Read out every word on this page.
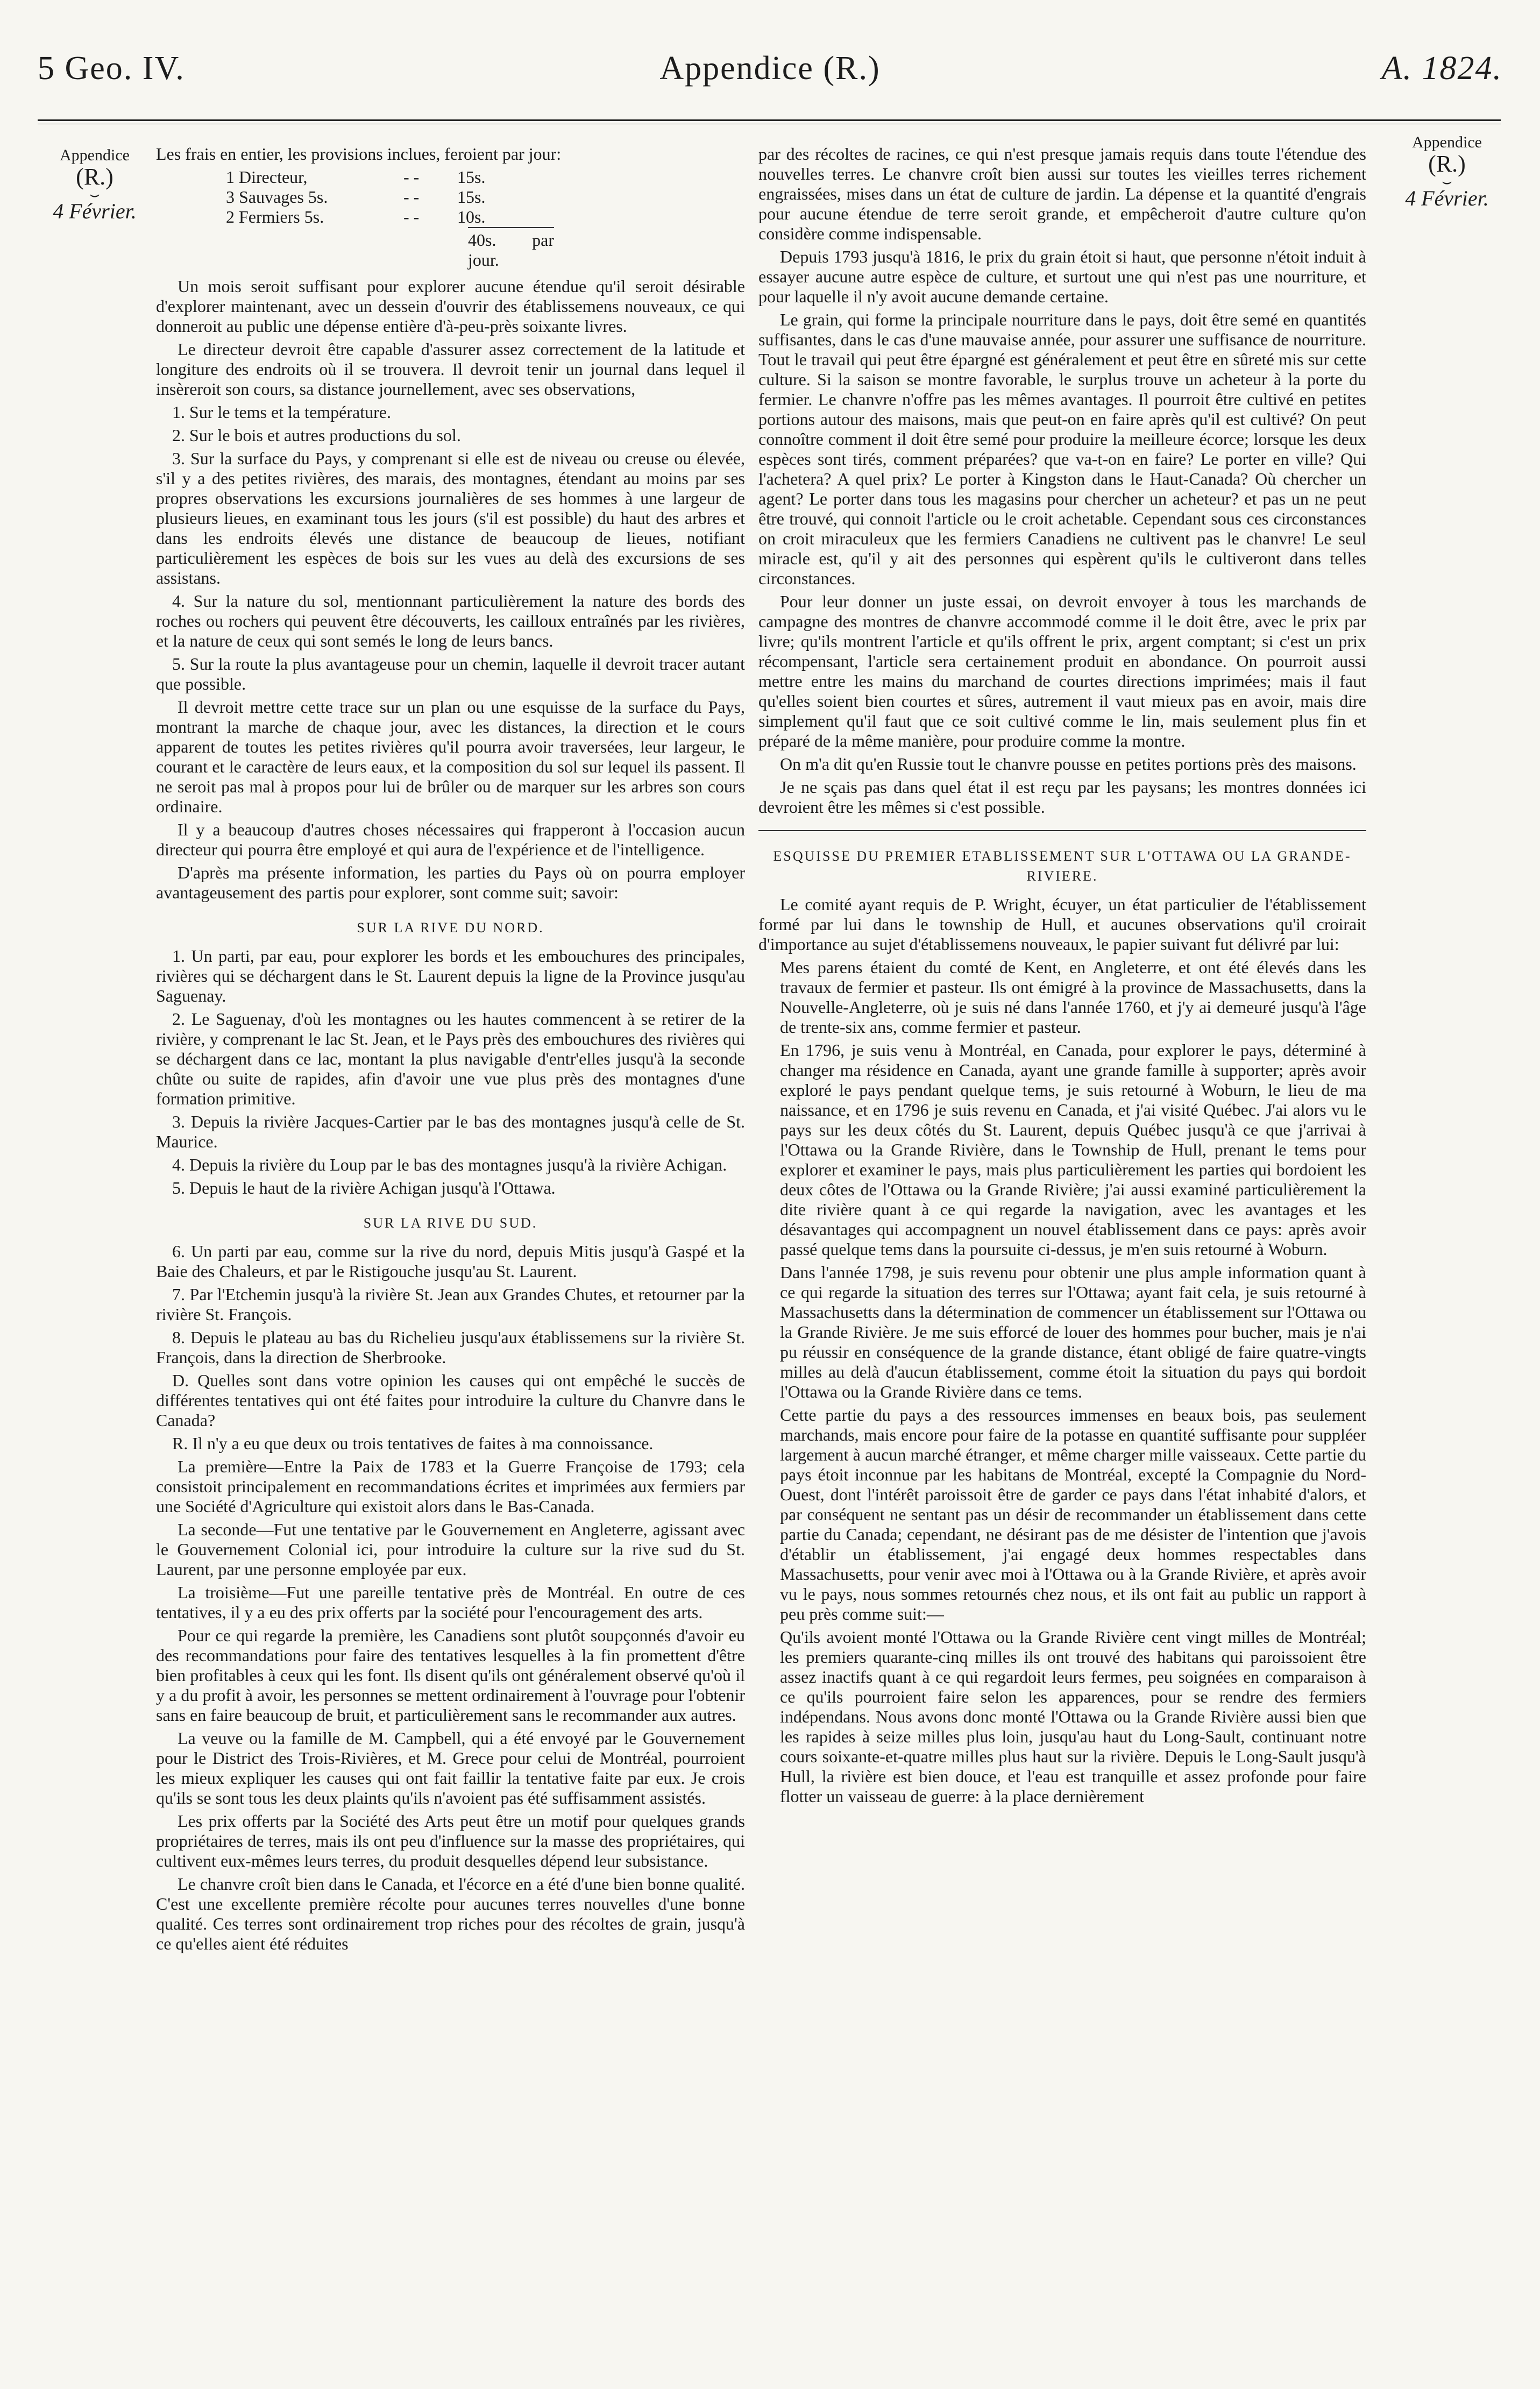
5 Geo. IV.	Appendice (R.)	A. 1824.
Appendice
(R.)
⌣
4 Février.
Appendice
(R.)
⌣
4 Février.

Les frais en entier, les provisions inclues, feroient par jour:

1 Directeur,	- -	15s.
3 Sauvages 5s.	- -	15s.
2 Fermiers 5s.	- -	10s.
40s. par jour.

Un mois seroit suffisant pour explorer aucune étendue qu'il seroit désirable d'explorer maintenant, avec un dessein d'ouvrir des établissemens nouveaux, ce qui donneroit au public une dépense entière d'à-peu-près soixante livres.

Le directeur devroit être capable d'assurer assez correctement de la latitude et longiture des endroits où il se trouvera. Il devroit tenir un journal dans lequel il insèreroit son cours, sa distance journellement, avec ses observations,

1. Sur le tems et la température.

2. Sur le bois et autres productions du sol.

3. Sur la surface du Pays, y comprenant si elle est de niveau ou creuse ou élevée, s'il y a des petites rivières, des marais, des montagnes, étendant au moins par ses propres observations les excursions journalières de ses hommes à une largeur de plusieurs lieues, en examinant tous les jours (s'il est possible) du haut des arbres et dans les endroits élevés une distance de beaucoup de lieues, notifiant particulièrement les espèces de bois sur les vues au delà des excursions de ses assistans.

4. Sur la nature du sol, mentionnant particulièrement la nature des bords des roches ou rochers qui peuvent être découverts, les cailloux entraînés par les rivières, et la nature de ceux qui sont semés le long de leurs bancs.

5. Sur la route la plus avantageuse pour un chemin, laquelle il devroit tracer autant que possible.

Il devroit mettre cette trace sur un plan ou une esquisse de la surface du Pays, montrant la marche de chaque jour, avec les distances, la direction et le cours apparent de toutes les petites rivières qu'il pourra avoir traversées, leur largeur, le courant et le caractère de leurs eaux, et la composition du sol sur lequel ils passent. Il ne seroit pas mal à propos pour lui de brûler ou de marquer sur les arbres son cours ordinaire.

Il y a beaucoup d'autres choses nécessaires qui frapperont à l'occasion aucun directeur qui pourra être employé et qui aura de l'expérience et de l'intelligence.

D'après ma présente information, les parties du Pays où on pourra employer avantageusement des partis pour explorer, sont comme suit; savoir:

SUR LA RIVE DU NORD.

1. Un parti, par eau, pour explorer les bords et les embouchures des principales, rivières qui se déchargent dans le St. Laurent depuis la ligne de la Province jusqu'au Saguenay.

2. Le Saguenay, d'où les montagnes ou les hautes commencent à se retirer de la rivière, y comprenant le lac St. Jean, et le Pays près des embouchures des rivières qui se déchargent dans ce lac, montant la plus navigable d'entr'elles jusqu'à la seconde chûte ou suite de rapides, afin d'avoir une vue plus près des montagnes d'une formation primitive.

3. Depuis la rivière Jacques-Cartier par le bas des montagnes jusqu'à celle de St. Maurice.

4. Depuis la rivière du Loup par le bas des montagnes jusqu'à la rivière Achigan.

5. Depuis le haut de la rivière Achigan jusqu'à l'Ottawa.

SUR LA RIVE DU SUD.

6. Un parti par eau, comme sur la rive du nord, depuis Mitis jusqu'à Gaspé et la Baie des Chaleurs, et par le Ristigouche jusqu'au St. Laurent.

7. Par l'Etchemin jusqu'à la rivière St. Jean aux Grandes Chutes, et retourner par la rivière St. François.

8. Depuis le plateau au bas du Richelieu jusqu'aux établissemens sur la rivière St. François, dans la direction de Sherbrooke.

D. Quelles sont dans votre opinion les causes qui ont empêché le succès de différentes tentatives qui ont été faites pour introduire la culture du Chanvre dans le Canada?

R. Il n'y a eu que deux ou trois tentatives de faites à ma connoissance.

La première—Entre la Paix de 1783 et la Guerre Françoise de 1793; cela consistoit principalement en recommandations écrites et imprimées aux fermiers par une Société d'Agriculture qui existoit alors dans le Bas-Canada.

La seconde—Fut une tentative par le Gouvernement en Angleterre, agissant avec le Gouvernement Colonial ici, pour introduire la culture sur la rive sud du St. Laurent, par une personne employée par eux.

La troisième—Fut une pareille tentative près de Montréal. En outre de ces tentatives, il y a eu des prix offerts par la société pour l'encouragement des arts.

Pour ce qui regarde la première, les Canadiens sont plutôt soupçonnés d'avoir eu des recommandations pour faire des tentatives lesquelles à la fin promettent d'être bien profitables à ceux qui les font. Ils disent qu'ils ont généralement observé qu'où il y a du profit à avoir, les personnes se mettent ordinairement à l'ouvrage pour l'obtenir sans en faire beaucoup de bruit, et particulièrement sans le recommander aux autres.

La veuve ou la famille de M. Campbell, qui a été envoyé par le Gouvernement pour le District des Trois-Rivières, et M. Grece pour celui de Montréal, pourroient les mieux expliquer les causes qui ont fait faillir la tentative faite par eux. Je crois qu'ils se sont tous les deux plaints qu'ils n'avoient pas été suffisamment assistés.

Les prix offerts par la Société des Arts peut être un motif pour quelques grands propriétaires de terres, mais ils ont peu d'influence sur la masse des propriétaires, qui cultivent eux-mêmes leurs terres, du produit desquelles dépend leur subsistance.

Le chanvre croît bien dans le Canada, et l'écorce en a été d'une bien bonne qualité. C'est une excellente première récolte pour aucunes terres nouvelles d'une bonne qualité. Ces terres sont ordinairement trop riches pour des récoltes de grain, jusqu'à ce qu'elles aient été réduites

par des récoltes de racines, ce qui n'est presque jamais requis dans toute l'étendue des nouvelles terres. Le chanvre croît bien aussi sur toutes les vieilles terres richement engraissées, mises dans un état de culture de jardin. La dépense et la quantité d'engrais pour aucune étendue de terre seroit grande, et empêcheroit d'autre culture qu'on considère comme indispensable.

Depuis 1793 jusqu'à 1816, le prix du grain étoit si haut, que personne n'étoit induit à essayer aucune autre espèce de culture, et surtout une qui n'est pas une nourriture, et pour laquelle il n'y avoit aucune demande certaine.

Le grain, qui forme la principale nourriture dans le pays, doit être semé en quantités suffisantes, dans le cas d'une mauvaise année, pour assurer une suffisance de nourriture. Tout le travail qui peut être épargné est généralement et peut être en sûreté mis sur cette culture. Si la saison se montre favorable, le surplus trouve un acheteur à la porte du fermier. Le chanvre n'offre pas les mêmes avantages. Il pourroit être cultivé en petites portions autour des maisons, mais que peut-on en faire après qu'il est cultivé? On peut connoître comment il doit être semé pour produire la meilleure écorce; lorsque les deux espèces sont tirés, comment préparées? que va-t-on en faire? Le porter en ville? Qui l'achetera? A quel prix? Le porter à Kingston dans le Haut-Canada? Où chercher un agent? Le porter dans tous les magasins pour chercher un acheteur? et pas un ne peut être trouvé, qui connoit l'article ou le croit achetable. Cependant sous ces circonstances on croit miraculeux que les fermiers Canadiens ne cultivent pas le chanvre! Le seul miracle est, qu'il y ait des personnes qui espèrent qu'ils le cultiveront dans telles circonstances.

Pour leur donner un juste essai, on devroit envoyer à tous les marchands de campagne des montres de chanvre accommodé comme il le doit être, avec le prix par livre; qu'ils montrent l'article et qu'ils offrent le prix, argent comptant; si c'est un prix récompensant, l'article sera certainement produit en abondance. On pourroit aussi mettre entre les mains du marchand de courtes directions imprimées; mais il faut qu'elles soient bien courtes et sûres, autrement il vaut mieux pas en avoir, mais dire simplement qu'il faut que ce soit cultivé comme le lin, mais seulement plus fin et préparé de la même manière, pour produire comme la montre.

On m'a dit qu'en Russie tout le chanvre pousse en petites portions près des maisons.

Je ne sçais pas dans quel état il est reçu par les paysans; les montres données ici devroient être les mêmes si c'est possible.

ESQUISSE DU PREMIER ETABLISSEMENT SUR L'OTTAWA OU LA GRANDE-RIVIERE.

Le comité ayant requis de P. Wright, écuyer, un état particulier de l'établissement formé par lui dans le township de Hull, et aucunes observations qu'il croirait d'importance au sujet d'établissemens nouveaux, le papier suivant fut délivré par lui:

Mes parens étaient du comté de Kent, en Angleterre, et ont été élevés dans les travaux de fermier et pasteur. Ils ont émigré à la province de Massachusetts, dans la Nouvelle-Angleterre, où je suis né dans l'année 1760, et j'y ai demeuré jusqu'à l'âge de trente-six ans, comme fermier et pasteur.

En 1796, je suis venu à Montréal, en Canada, pour explorer le pays, déterminé à changer ma résidence en Canada, ayant une grande famille à supporter; après avoir exploré le pays pendant quelque tems, je suis retourné à Woburn, le lieu de ma naissance, et en 1796 je suis revenu en Canada, et j'ai visité Québec. J'ai alors vu le pays sur les deux côtés du St. Laurent, depuis Québec jusqu'à ce que j'arrivai à l'Ottawa ou la Grande Rivière, dans le Township de Hull, prenant le tems pour explorer et examiner le pays, mais plus particulièrement les parties qui bordoient les deux côtes de l'Ottawa ou la Grande Rivière; j'ai aussi examiné particulièrement la dite rivière quant à ce qui regarde la navigation, avec les avantages et les désavantages qui accompagnent un nouvel établissement dans ce pays: après avoir passé quelque tems dans la poursuite ci-dessus, je m'en suis retourné à Woburn.

Dans l'année 1798, je suis revenu pour obtenir une plus ample information quant à ce qui regarde la situation des terres sur l'Ottawa; ayant fait cela, je suis retourné à Massachusetts dans la détermination de commencer un établissement sur l'Ottawa ou la Grande Rivière. Je me suis efforcé de louer des hommes pour bucher, mais je n'ai pu réussir en conséquence de la grande distance, étant obligé de faire quatre-vingts milles au delà d'aucun établissement, comme étoit la situation du pays qui bordoit l'Ottawa ou la Grande Rivière dans ce tems.

Cette partie du pays a des ressources immenses en beaux bois, pas seulement marchands, mais encore pour faire de la potasse en quantité suffisante pour suppléer largement à aucun marché étranger, et même charger mille vaisseaux. Cette partie du pays étoit inconnue par les habitans de Montréal, excepté la Compagnie du Nord-Ouest, dont l'intérêt paroissoit être de garder ce pays dans l'état inhabité d'alors, et par conséquent ne sentant pas un désir de recommander un établissement dans cette partie du Canada; cependant, ne désirant pas de me désister de l'intention que j'avois d'établir un établissement, j'ai engagé deux hommes respectables dans Massachusetts, pour venir avec moi à l'Ottawa ou à la Grande Rivière, et après avoir vu le pays, nous sommes retournés chez nous, et ils ont fait au public un rapport à peu près comme suit:—

Qu'ils avoient monté l'Ottawa ou la Grande Rivière cent vingt milles de Montréal; les premiers quarante-cinq milles ils ont trouvé des habitans qui paroissoient être assez inactifs quant à ce qui regardoit leurs fermes, peu soignées en comparaison à ce qu'ils pourroient faire selon les apparences, pour se rendre des fermiers indépendans. Nous avons donc monté l'Ottawa ou la Grande Rivière aussi bien que les rapides à seize milles plus loin, jusqu'au haut du Long-Sault, continuant notre cours soixante-et-quatre milles plus haut sur la rivière. Depuis le Long-Sault jusqu'à Hull, la rivière est bien douce, et l'eau est tranquille et assez profonde pour faire flotter un vaisseau de guerre: à la place dernièrement
